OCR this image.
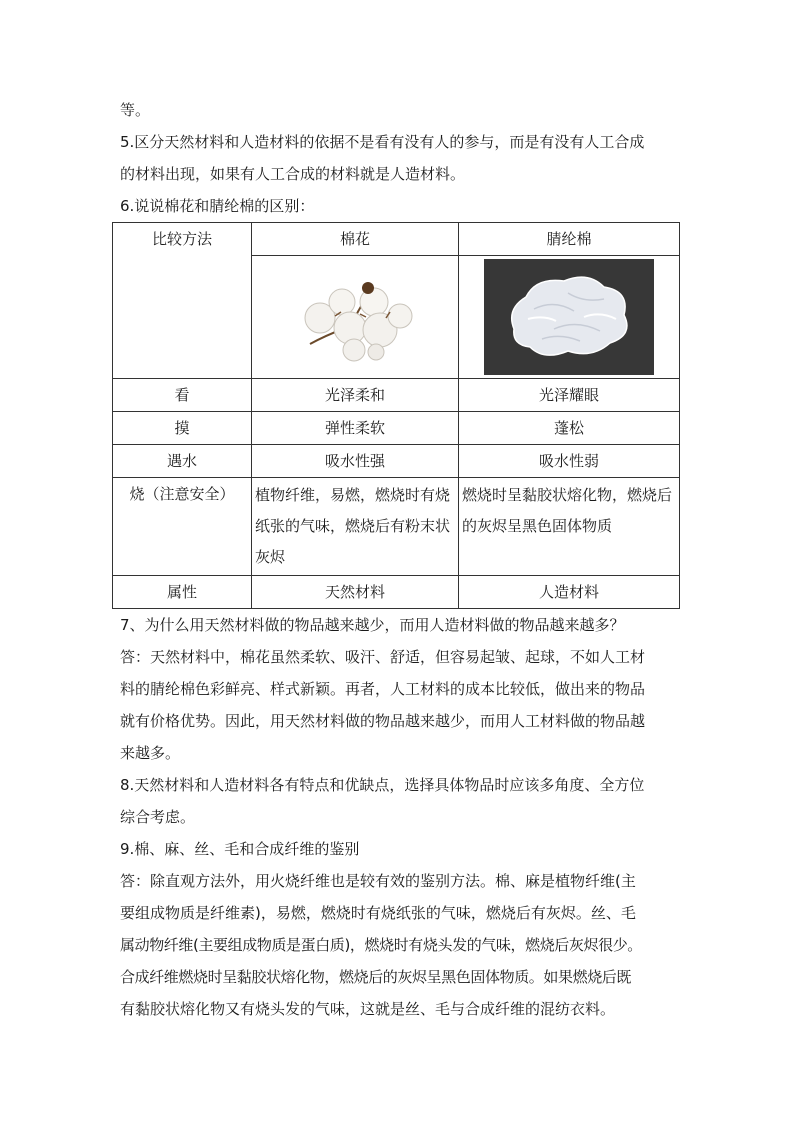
等。
5.区分天然材料和人造材料的依据不是看有没有人的参与，而是有没有人工合成
的材料出现，如果有人工合成的材料就是人造材料。
6.说说棉花和腈纶棉的区别：
比较方法	棉花	腈纶棉

看	光泽柔和	光泽耀眼
摸	弹性柔软	蓬松
遇水	吸水性强	吸水性弱
烧（注意安全）	植物纤维，易燃，燃烧时有烧纸张的气味，燃烧后有粉末状灰烬	燃烧时呈黏胶状熔化物，燃烧后的灰烬呈黑色固体物质
属性	天然材料	人造材料
7、为什么用天然材料做的物品越来越少，而用人造材料做的物品越来越多？
答：天然材料中，棉花虽然柔软、吸汗、舒适，但容易起皱、起球，不如人工材
料的腈纶棉色彩鲜亮、样式新颖。再者，人工材料的成本比较低，做出来的物品
就有价格优势。因此，用天然材料做的物品越来越少，而用人工材料做的物品越
来越多。
8.天然材料和人造材料各有特点和优缺点，选择具体物品时应该多角度、全方位
综合考虑。
9.棉、麻、丝、毛和合成纤维的鉴别
答：除直观方法外，用火烧纤维也是较有效的鉴别方法。棉、麻是植物纤维(主
要组成物质是纤维素)，易燃，燃烧时有烧纸张的气味，燃烧后有灰烬。丝、毛
属动物纤维(主要组成物质是蛋白质)，燃烧时有烧头发的气味，燃烧后灰烬很少。
合成纤维燃烧时呈黏胶状熔化物，燃烧后的灰烬呈黑色固体物质。如果燃烧后既
有黏胶状熔化物又有烧头发的气味，这就是丝、毛与合成纤维的混纺衣料。
